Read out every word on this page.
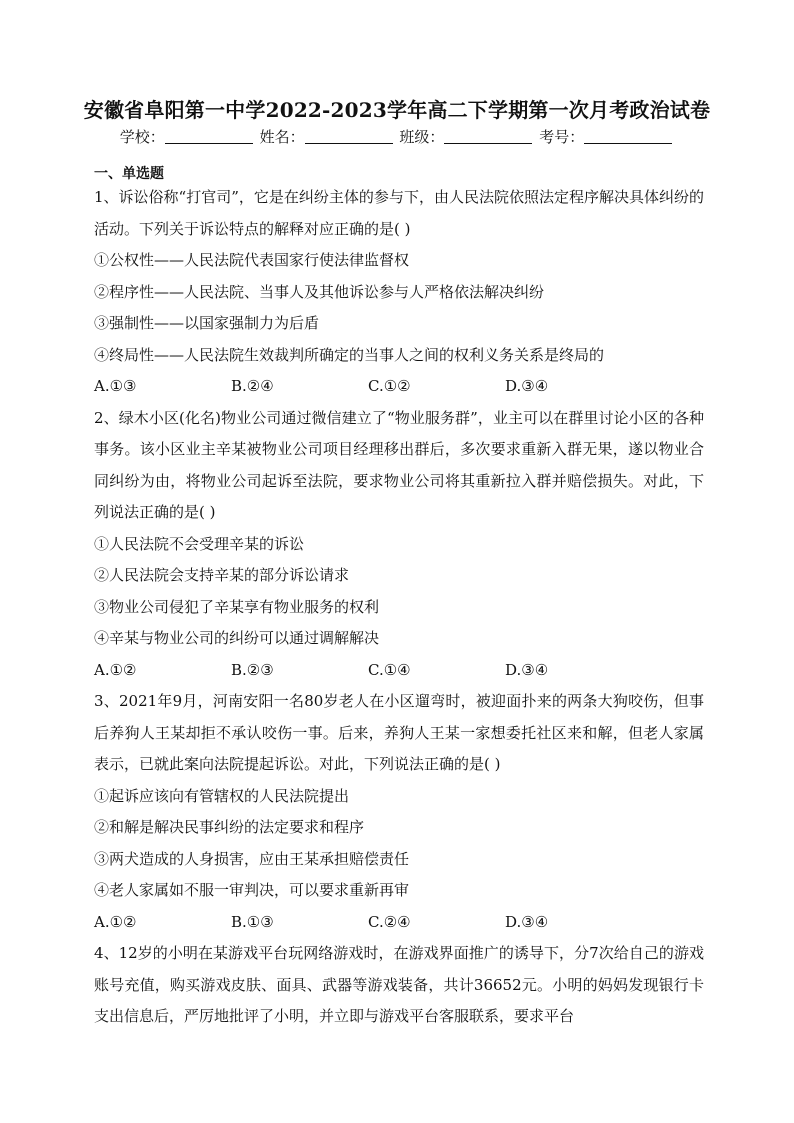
安徽省阜阳第一中学2022-2023学年高二下学期第一次月考政治试卷
学校：	姓名：	班级：	考号：
一、单选题

1、诉讼俗称“打官司”，它是在纠纷主体的参与下，由人民法院依照法定程序解决具体纠纷的活动。下列关于诉讼特点的解释对应正确的是( )

①公权性——人民法院代表国家行使法律监督权

②程序性——人民法院、当事人及其他诉讼参与人严格依法解决纠纷

③强制性——以国家强制力为后盾

④终局性——人民法院生效裁判所确定的当事人之间的权利义务关系是终局的

A.①③	B.②④	C.①②	D.③④

2、绿木小区(化名)物业公司通过微信建立了“物业服务群”，业主可以在群里讨论小区的各种事务。该小区业主辛某被物业公司项目经理移出群后，多次要求重新入群无果，遂以物业合同纠纷为由，将物业公司起诉至法院，要求物业公司将其重新拉入群并赔偿损失。对此，下列说法正确的是( )

①人民法院不会受理辛某的诉讼

②人民法院会支持辛某的部分诉讼请求

③物业公司侵犯了辛某享有物业服务的权利

④辛某与物业公司的纠纷可以通过调解解决

A.①②	B.②③	C.①④	D.③④

3、2021年9月，河南安阳一名80岁老人在小区遛弯时，被迎面扑来的两条大狗咬伤，但事后养狗人王某却拒不承认咬伤一事。后来，养狗人王某一家想委托社区来和解，但老人家属表示，已就此案向法院提起诉讼。对此，下列说法正确的是( )

①起诉应该向有管辖权的人民法院提出

②和解是解决民事纠纷的法定要求和程序

③两犬造成的人身损害，应由王某承担赔偿责任

④老人家属如不服一审判决，可以要求重新再审

A.①②	B.①③	C.②④	D.③④

4、12岁的小明在某游戏平台玩网络游戏时，在游戏界面推广的诱导下，分7次给自己的游戏账号充值，购买游戏皮肤、面具、武器等游戏装备，共计36652元。小明的妈妈发现银行卡支出信息后，严厉地批评了小明，并立即与游戏平台客服联系，要求平台
